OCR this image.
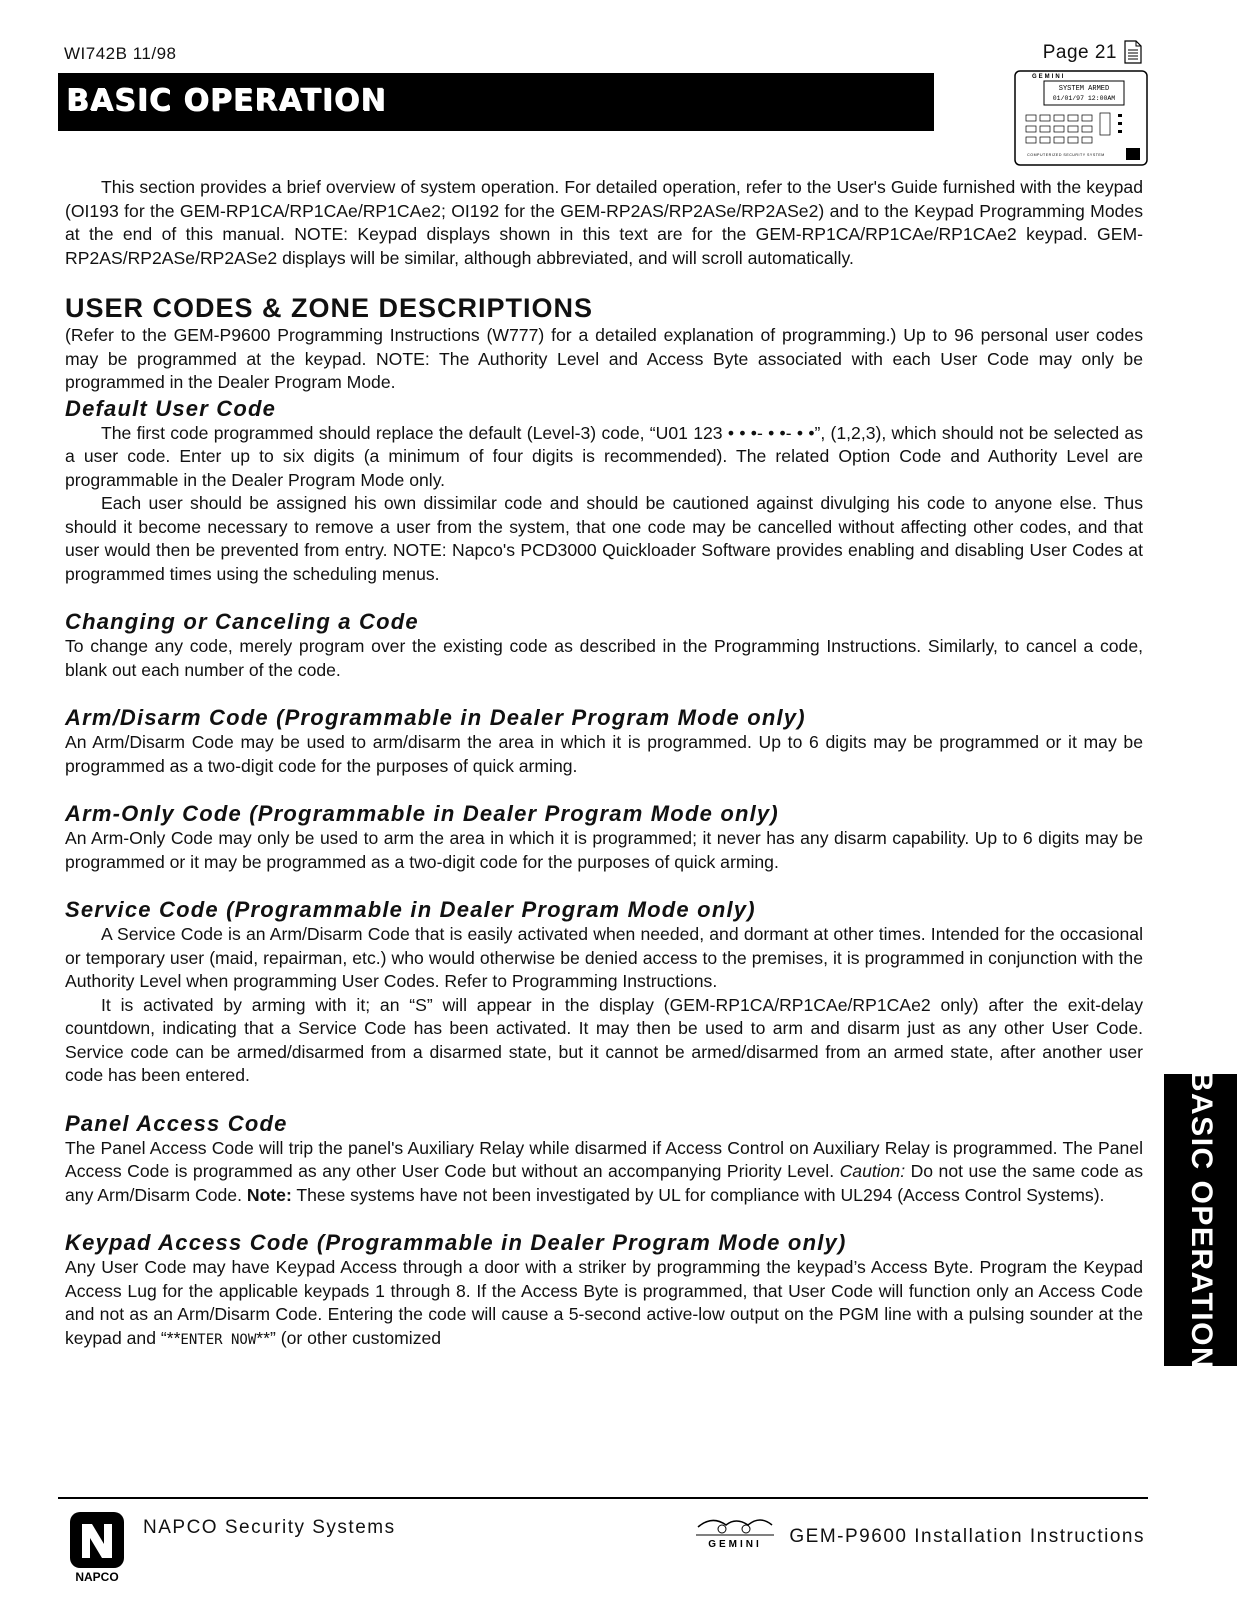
WI742B 11/98	Page 21
BASIC OPERATION
GEMINI
SYSTEM ARMED
01/01/97 12:00AM
COMPUTERIZED SECURITY SYSTEM

This section provides a brief overview of system operation. For detailed operation, refer to the User's Guide furnished with the keypad (OI193 for the GEM-RP1CA/RP1CAe/RP1CAe2; OI192 for the GEM-RP2AS/RP2ASe/RP2ASe2) and to the Keypad Programming Modes at the end of this manual. NOTE: Keypad displays shown in this text are for the GEM-RP1CA/RP1CAe/RP1CAe2 keypad. GEM-RP2AS/RP2ASe/RP2ASe2 displays will be similar, although abbreviated, and will scroll automatically.

USER CODES & ZONE DESCRIPTIONS

(Refer to the GEM-P9600 Programming Instructions (W777) for a detailed explanation of programming.) Up to 96 personal user codes may be programmed at the keypad. NOTE: The Authority Level and Access Byte associated with each User Code may only be programmed in the Dealer Program Mode.

Default User Code

The first code programmed should replace the default (Level-3) code, “U01 123 • • •- • •- • •”, (1,2,3), which should not be selected as a user code. Enter up to six digits (a minimum of four digits is recommended). The related Option Code and Authority Level are programmable in the Dealer Program Mode only.

Each user should be assigned his own dissimilar code and should be cautioned against divulging his code to anyone else. Thus should it become necessary to remove a user from the system, that one code may be cancelled without affecting other codes, and that user would then be prevented from entry. NOTE: Napco's PCD3000 Quickloader Software provides enabling and disabling User Codes at programmed times using the scheduling menus.

Changing or Canceling a Code

To change any code, merely program over the existing code as described in the Programming Instructions. Similarly, to cancel a code, blank out each number of the code.

Arm/Disarm Code (Programmable in Dealer Program Mode only)

An Arm/Disarm Code may be used to arm/disarm the area in which it is programmed. Up to 6 digits may be programmed or it may be programmed as a two-digit code for the purposes of quick arming.

Arm-Only Code (Programmable in Dealer Program Mode only)

An Arm-Only Code may only be used to arm the area in which it is programmed; it never has any disarm capability. Up to 6 digits may be programmed or it may be programmed as a two-digit code for the purposes of quick arming.

Service Code (Programmable in Dealer Program Mode only)

A Service Code is an Arm/Disarm Code that is easily activated when needed, and dormant at other times. Intended for the occasional or temporary user (maid, repairman, etc.) who would otherwise be denied access to the premises, it is programmed in conjunction with the Authority Level when programming User Codes. Refer to Programming Instructions.

It is activated by arming with it; an “S” will appear in the display (GEM-RP1CA/RP1CAe/RP1CAe2 only) after the exit-delay countdown, indicating that a Service Code has been activated. It may then be used to arm and disarm just as any other User Code. Service code can be armed/disarmed from a disarmed state, but it cannot be armed/disarmed from an armed state, after another user code has been entered.

Panel Access Code

The Panel Access Code will trip the panel's Auxiliary Relay while disarmed if Access Control on Auxiliary Relay is programmed. The Panel Access Code is programmed as any other User Code but without an accompanying Priority Level. Caution: Do not use the same code as any Arm/Disarm Code. Note: These systems have not been investigated by UL for compliance with UL294 (Access Control Systems).

Keypad Access Code (Programmable in Dealer Program Mode only)

Any User Code may have Keypad Access through a door with a striker by programming the keypad’s Access Byte. Program the Keypad Access Lug for the applicable keypads 1 through 8. If the Access Byte is programmed, that User Code will function only an Access Code and not as an Arm/Disarm Code. Entering the code will cause a 5-second active-low output on the PGM line with a pulsing sounder at the keypad and “**ENTER NOW**” (or other customized	BASIC OPERATION
NAPCO
NAPCO Security Systems
GEMINI GEM-P9600 Installation Instructions
